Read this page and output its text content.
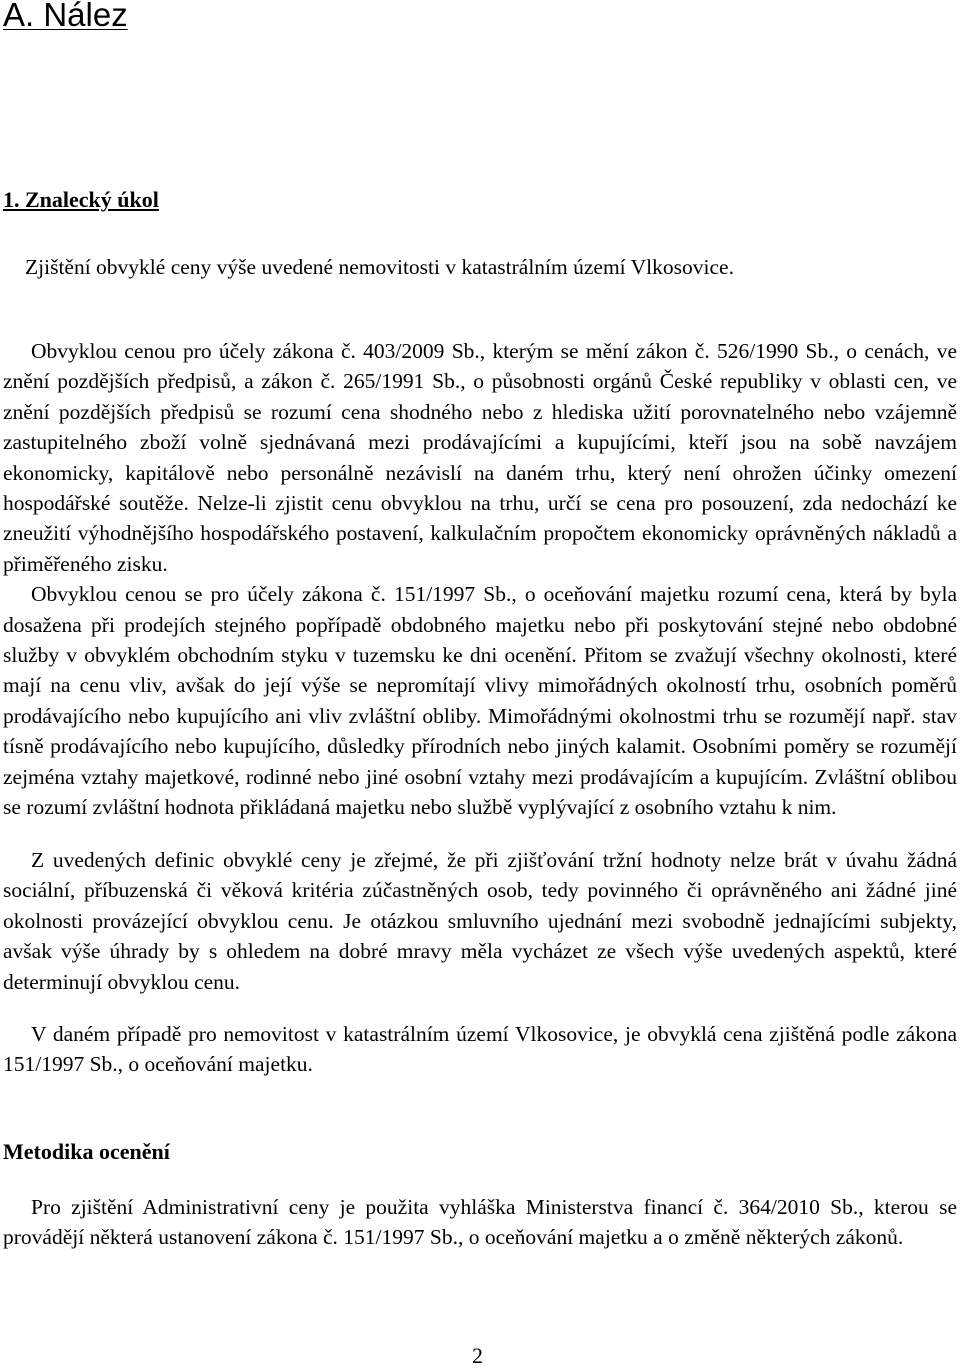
A. Nález
1. Znalecký úkol

Zjištění obvyklé ceny výše uvedené nemovitosti v katastrálním území Vlkosovice.

Obvyklou cenou pro účely zákona č. 403/2009 Sb., kterým se mění zákon č. 526/1990 Sb., o cenách, ve znění pozdějších předpisů, a zákon č. 265/1991 Sb., o působnosti orgánů České republiky v oblasti cen, ve znění pozdějších předpisů se rozumí cena shodného nebo z hlediska užití porovnatelného nebo vzájemně zastupitelného zboží volně sjednávaná mezi prodávajícími a kupujícími, kteří jsou na sobě navzájem ekonomicky, kapitálově nebo personálně nezávislí na daném trhu, který není ohrožen účinky omezení hospodářské soutěže. Nelze-li zjistit cenu obvyklou na trhu, určí se cena pro posouzení, zda nedochází ke zneužití výhodnějšího hospodářského postavení, kalkulačním propočtem ekonomicky oprávněných nákladů a přiměřeného zisku.
Obvyklou cenou se pro účely zákona č. 151/1997 Sb., o oceňování majetku rozumí cena, která by byla dosažena při prodejích stejného popřípadě obdobného majetku nebo při poskytování stejné nebo obdobné služby v obvyklém obchodním styku v tuzemsku ke dni ocenění. Přitom se zvažují všechny okolnosti, které mají na cenu vliv, avšak do její výše se nepromítají vlivy mimořádných okolností trhu, osobních poměrů prodávajícího nebo kupujícího ani vliv zvláštní obliby. Mimořádnými okolnostmi trhu se rozumějí např. stav tísně prodávajícího nebo kupujícího, důsledky přírodních nebo jiných kalamit. Osobními poměry se rozumějí zejména vztahy majetkové, rodinné nebo jiné osobní vztahy mezi prodávajícím a kupujícím. Zvláštní oblibou se rozumí zvláštní hodnota přikládaná majetku nebo službě vyplývající z osobního vztahu k nim.

Z uvedených definic obvyklé ceny je zřejmé, že při zjišťování tržní hodnoty nelze brát v úvahu žádná sociální, příbuzenská či věková kritéria zúčastněných osob, tedy povinného či oprávněného ani žádné jiné okolnosti provázející obvyklou cenu. Je otázkou smluvního ujednání mezi svobodně jednajícími subjekty, avšak výše úhrady by s ohledem na dobré mravy měla vycházet ze všech výše uvedených aspektů, které determinují obvyklou cenu.

V daném případě pro nemovitost v katastrálním území Vlkosovice, je obvyklá cena zjištěná podle zákona 151/1997 Sb., o oceňování majetku.

Metodika ocenění

Pro zjištění Administrativní ceny je použita vyhláška Ministerstva financí č. 364/2010 Sb., kterou se provádějí některá ustanovení zákona č. 151/1997 Sb., o oceňování majetku a o změně některých zákonů.

2
